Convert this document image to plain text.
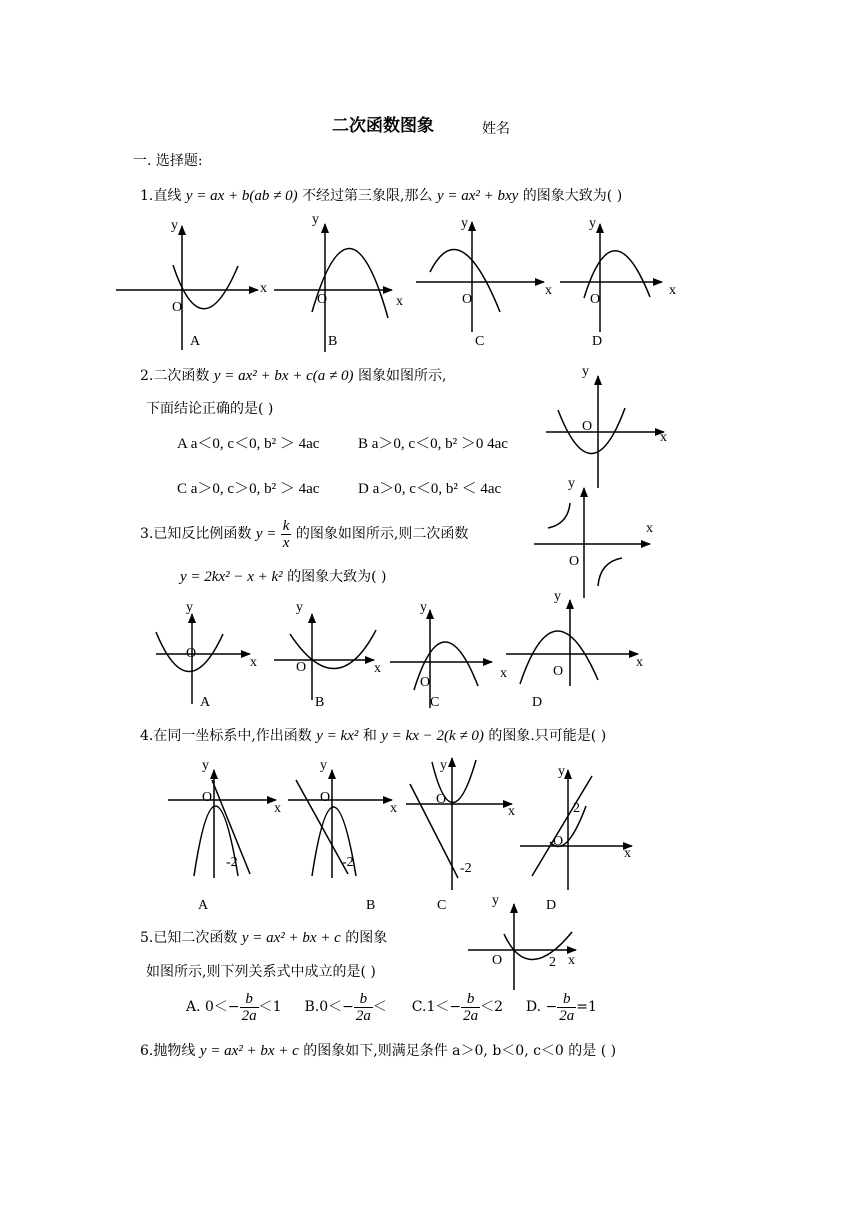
二次函数图象	姓名
一. 选择题:
1.直线 y = ax + b(ab ≠ 0) 不经过第三象限,那么 y = ax² + bxy 的图象大致为( )
2.二次函数 y = ax² + bx + c(a ≠ 0) 图象如图所示,
下面结论正确的是( )
A a＜0, c＜0, b² ＞ 4ac	B a＞0, c＜0, b² ＞0 4ac
C a＞0, c＞0, b² ＞ 4ac	D a＞0, c＜0, b² ＜ 4ac
3.已知反比例函数 $y = \frac{k}{x}$ 的图象如图所示,则二次函数
y = 2kx² − x + k² 的图象大致为( )
4.在同一坐标系中,作出函数 y = kx² 和 y = kx − 2(k ≠ 0) 的图象.只可能是( )
5.已知二次函数 y = ax² + bx + c 的图象
如图所示,则下列关系式中成立的是( )
A. $0<- \frac{b}{2a} <1$ $B.0<- \frac{b}{2a} < C.1<- \frac{b}{2a} <2$ D. − $\frac{b}{2a} =1$
6.抛物线 y = ax² + bx + c 的图象如下,则满足条件 a＞0, b＜0, c＜0 的是 ( )
y
x
O
A
y
x
O
B
y
x
O
C
y
x
O
D
y
x
O
y
x
O
y
x
O
A
y
x
O
B
y
O
C
y
x
x
O
D
y
x
O
-2
A
y
x
O
-2
B
y
x
O
-2
C
y
x
O
2
D
y
x
O	2
